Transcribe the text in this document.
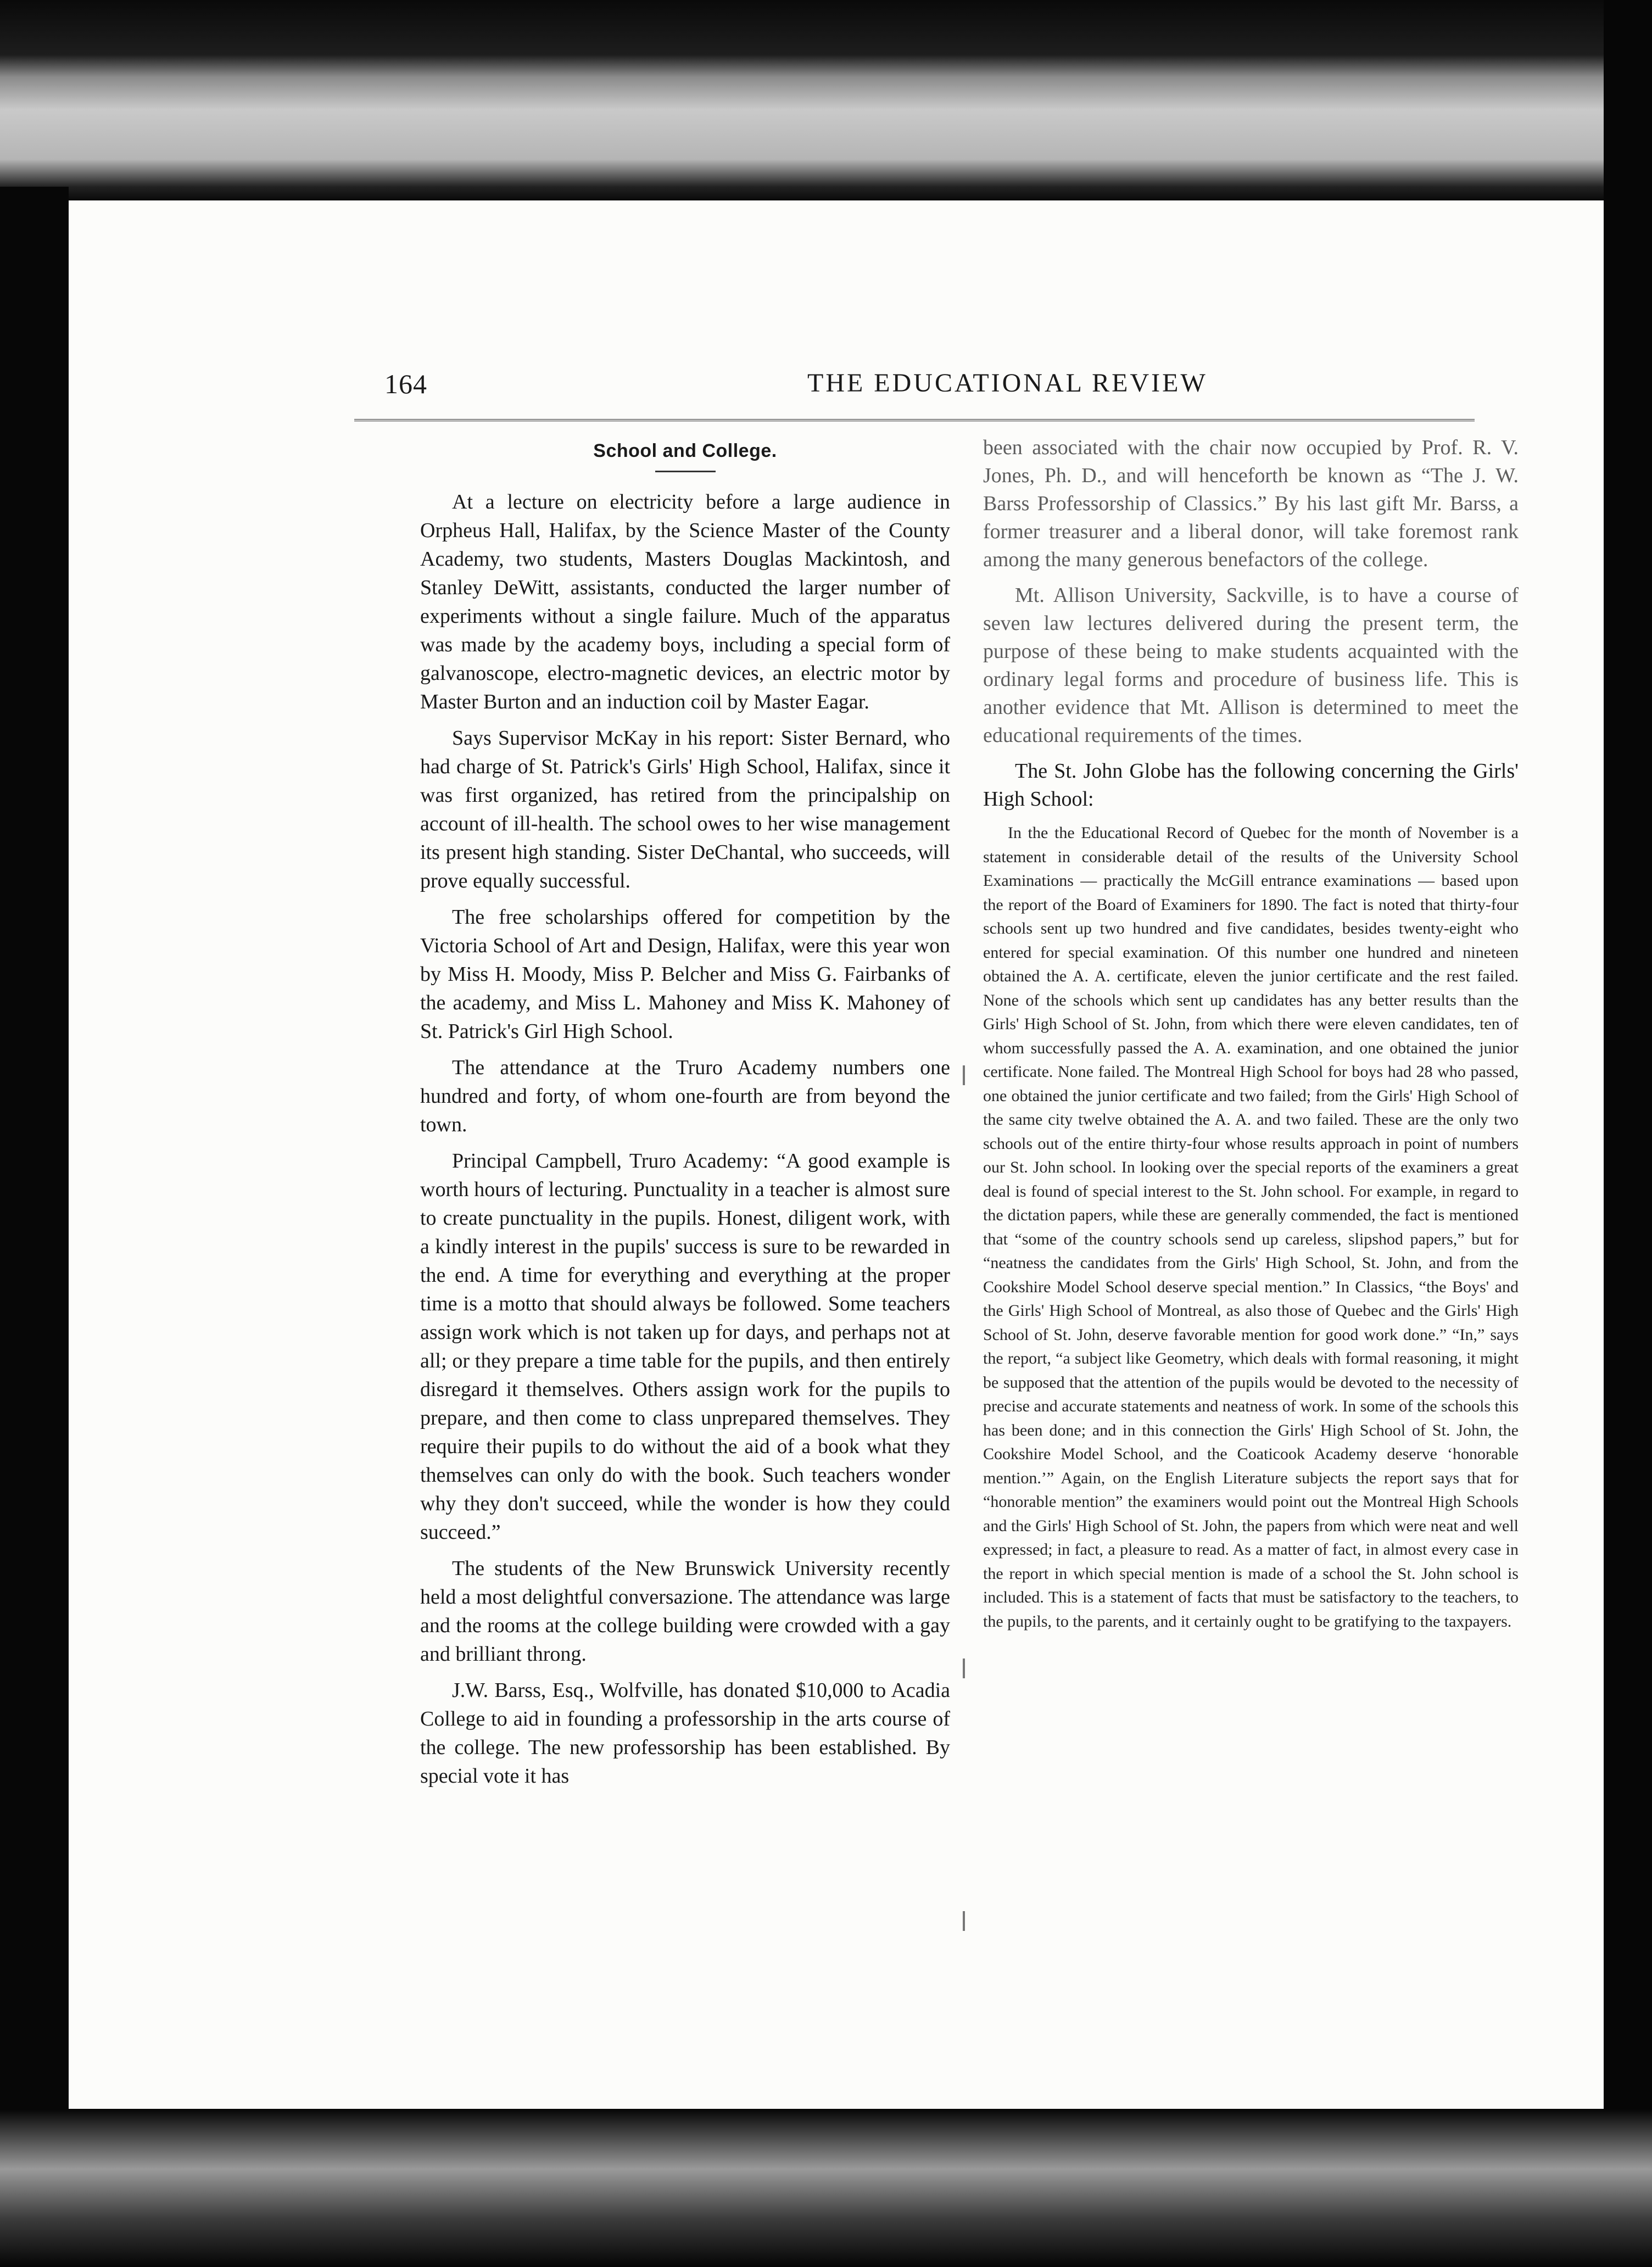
164	THE EDUCATIONAL REVIEW
School and College.

At a lecture on electricity before a large audience in Orpheus Hall, Halifax, by the Science Master of the County Academy, two students, Masters Douglas Mackintosh, and Stanley DeWitt, assistants, conducted the larger number of experiments without a single failure. Much of the apparatus was made by the academy boys, including a special form of galvanoscope, electro-magnetic devices, an electric motor by Master Burton and an induction coil by Master Eagar.

Says Supervisor McKay in his report: Sister Bernard, who had charge of St. Patrick's Girls' High School, Halifax, since it was first organized, has retired from the principalship on account of ill-health. The school owes to her wise management its present high standing. Sister DeChantal, who succeeds, will prove equally successful.

The free scholarships offered for competition by the Victoria School of Art and Design, Halifax, were this year won by Miss H. Moody, Miss P. Belcher and Miss G. Fairbanks of the academy, and Miss L. Mahoney and Miss K. Mahoney of St. Patrick's Girl High School.

The attendance at the Truro Academy numbers one hundred and forty, of whom one-fourth are from beyond the town.

Principal Campbell, Truro Academy: “A good example is worth hours of lecturing. Punctuality in a teacher is almost sure to create punctuality in the pupils. Honest, diligent work, with a kindly interest in the pupils' success is sure to be rewarded in the end. A time for everything and everything at the proper time is a motto that should always be followed. Some teachers assign work which is not taken up for days, and perhaps not at all; or they prepare a time table for the pupils, and then entirely disregard it themselves. Others assign work for the pupils to prepare, and then come to class unprepared themselves. They require their pupils to do without the aid of a book what they themselves can only do with the book. Such teachers wonder why they don't succeed, while the wonder is how they could succeed.”

The students of the New Brunswick University recently held a most delightful conversazione. The attendance was large and the rooms at the college building were crowded with a gay and brilliant throng.

J.W. Barss, Esq., Wolfville, has donated $10,000 to Acadia College to aid in founding a professorship in the arts course of the college. The new professorship has been established. By special vote it has

been associated with the chair now occupied by Prof. R. V. Jones, Ph. D., and will henceforth be known as “The J. W. Barss Professorship of Classics.” By his last gift Mr. Barss, a former treasurer and a liberal donor, will take foremost rank among the many generous benefactors of the college.

Mt. Allison University, Sackville, is to have a course of seven law lectures delivered during the present term, the purpose of these being to make students acquainted with the ordinary legal forms and procedure of business life. This is another evidence that Mt. Allison is determined to meet the educational requirements of the times.

The St. John Globe has the following concerning the Girls' High School:

In the the Educational Record of Quebec for the month of November is a statement in considerable detail of the results of the University School Examinations — practically the McGill entrance examinations — based upon the report of the Board of Examiners for 1890. The fact is noted that thirty-four schools sent up two hundred and five candidates, besides twenty-eight who entered for special examination. Of this number one hundred and nineteen obtained the A. A. certificate, eleven the junior certificate and the rest failed. None of the schools which sent up candidates has any better results than the Girls' High School of St. John, from which there were eleven candidates, ten of whom successfully passed the A. A. examination, and one obtained the junior certificate. None failed. The Montreal High School for boys had 28 who passed, one obtained the junior certificate and two failed; from the Girls' High School of the same city twelve obtained the A. A. and two failed. These are the only two schools out of the entire thirty-four whose results approach in point of numbers our St. John school. In looking over the special reports of the examiners a great deal is found of special interest to the St. John school. For example, in regard to the dictation papers, while these are generally commended, the fact is mentioned that “some of the country schools send up careless, slipshod papers,” but for “neatness the candidates from the Girls' High School, St. John, and from the Cookshire Model School deserve special mention.” In Classics, “the Boys' and the Girls' High School of Montreal, as also those of Quebec and the Girls' High School of St. John, deserve favorable mention for good work done.” “In,” says the report, “a subject like Geometry, which deals with formal reasoning, it might be supposed that the attention of the pupils would be devoted to the necessity of precise and accurate statements and neatness of work. In some of the schools this has been done; and in this connection the Girls' High School of St. John, the Cookshire Model School, and the Coaticook Academy deserve ‘honorable mention.’” Again, on the English Literature subjects the report says that for “honorable mention” the examiners would point out the Montreal High Schools and the Girls' High School of St. John, the papers from which were neat and well expressed; in fact, a pleasure to read. As a matter of fact, in almost every case in the report in which special mention is made of a school the St. John school is included. This is a statement of facts that must be satisfactory to the teachers, to the pupils, to the parents, and it certainly ought to be gratifying to the taxpayers.
